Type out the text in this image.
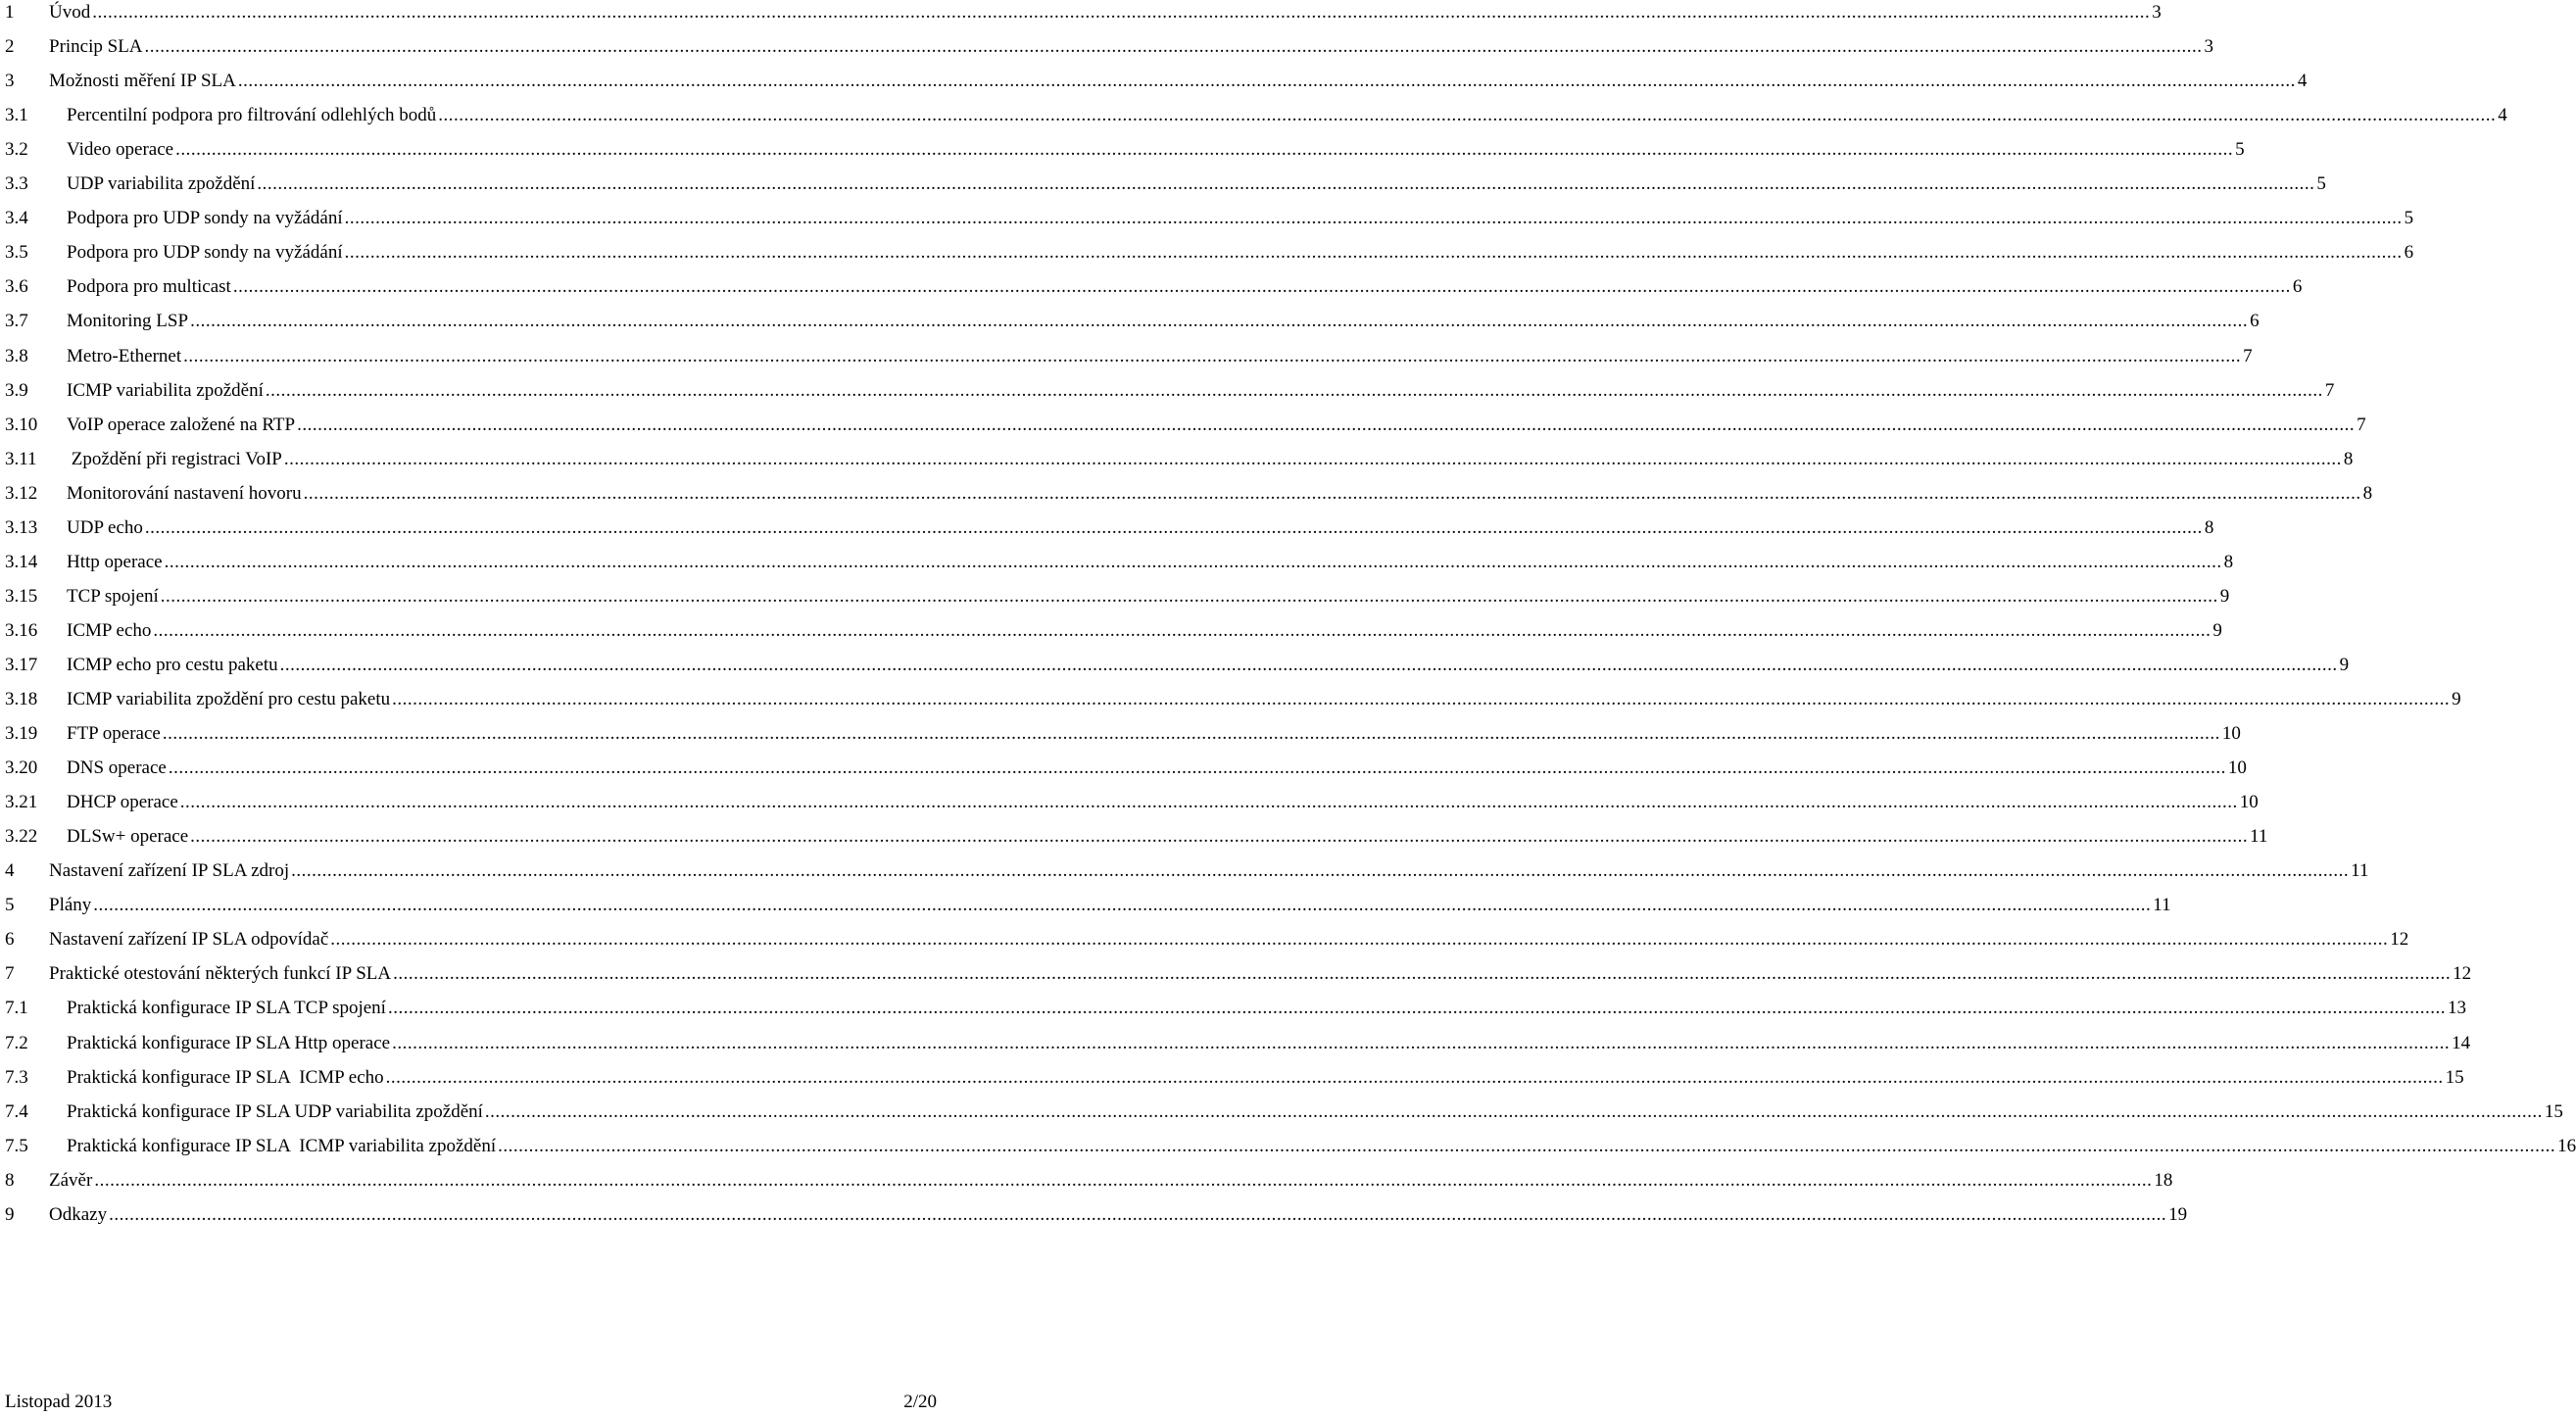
1 Úvod ................................................................................................................................................................................................................................................................................................................................................................................................................ 3
2 Princip SLA ................................................................................................................................................................................................................................................................................................................................................................................................................ 3
3 Možnosti měření IP SLA ................................................................................................................................................................................................................................................................................................................................................................................................................ 4
3.1 Percentilní podpora pro filtrování odlehlých bodů ................................................................................................................................................................................................................................................................................................................................................................................................................ 4
3.2 Video operace ................................................................................................................................................................................................................................................................................................................................................................................................................ 5
3.3 UDP variabilita zpoždění ................................................................................................................................................................................................................................................................................................................................................................................................................ 5
3.4 Podpora pro UDP sondy na vyžádání ................................................................................................................................................................................................................................................................................................................................................................................................................ 5
3.5 Podpora pro UDP sondy na vyžádání ................................................................................................................................................................................................................................................................................................................................................................................................................ 6
3.6 Podpora pro multicast ................................................................................................................................................................................................................................................................................................................................................................................................................ 6
3.7 Monitoring LSP ................................................................................................................................................................................................................................................................................................................................................................................................................ 6
3.8 Metro-Ethernet ................................................................................................................................................................................................................................................................................................................................................................................................................ 7
3.9 ICMP variabilita zpoždění ................................................................................................................................................................................................................................................................................................................................................................................................................ 7
3.10 VoIP operace založené na RTP ................................................................................................................................................................................................................................................................................................................................................................................................................ 7
3.11 Zpoždění při registraci VoIP ................................................................................................................................................................................................................................................................................................................................................................................................................ 8
3.12 Monitorování nastavení hovoru ................................................................................................................................................................................................................................................................................................................................................................................................................ 8
3.13 UDP echo ................................................................................................................................................................................................................................................................................................................................................................................................................ 8
3.14 Http operace ................................................................................................................................................................................................................................................................................................................................................................................................................ 8
3.15 TCP spojení ................................................................................................................................................................................................................................................................................................................................................................................................................ 9
3.16 ICMP echo ................................................................................................................................................................................................................................................................................................................................................................................................................ 9
3.17 ICMP echo pro cestu paketu ................................................................................................................................................................................................................................................................................................................................................................................................................ 9
3.18 ICMP variabilita zpoždění pro cestu paketu ................................................................................................................................................................................................................................................................................................................................................................................................................ 9
3.19 FTP operace ................................................................................................................................................................................................................................................................................................................................................................................................................ 10
3.20 DNS operace ................................................................................................................................................................................................................................................................................................................................................................................................................ 10
3.21 DHCP operace ................................................................................................................................................................................................................................................................................................................................................................................................................ 10
3.22 DLSw+ operace ................................................................................................................................................................................................................................................................................................................................................................................................................ 11
4 Nastavení zařízení IP SLA zdroj ................................................................................................................................................................................................................................................................................................................................................................................................................ 11
5 Plány ................................................................................................................................................................................................................................................................................................................................................................................................................ 11
6 Nastavení zařízení IP SLA odpovídač ................................................................................................................................................................................................................................................................................................................................................................................................................ 12
7 Praktické otestování některých funkcí IP SLA ................................................................................................................................................................................................................................................................................................................................................................................................................ 12
7.1 Praktická konfigurace IP SLA TCP spojení ................................................................................................................................................................................................................................................................................................................................................................................................................ 13
7.2 Praktická konfigurace IP SLA Http operace ................................................................................................................................................................................................................................................................................................................................................................................................................ 14
7.3 Praktická konfigurace IP SLA  ICMP echo ................................................................................................................................................................................................................................................................................................................................................................................................................ 15
7.4 Praktická konfigurace IP SLA UDP variabilita zpoždění ................................................................................................................................................................................................................................................................................................................................................................................................................ 15
7.5 Praktická konfigurace IP SLA  ICMP variabilita zpoždění ................................................................................................................................................................................................................................................................................................................................................................................................................ 16
8 Závěr ................................................................................................................................................................................................................................................................................................................................................................................................................ 18
9 Odkazy ................................................................................................................................................................................................................................................................................................................................................................................................................ 19
Listopad 2013	2/20
